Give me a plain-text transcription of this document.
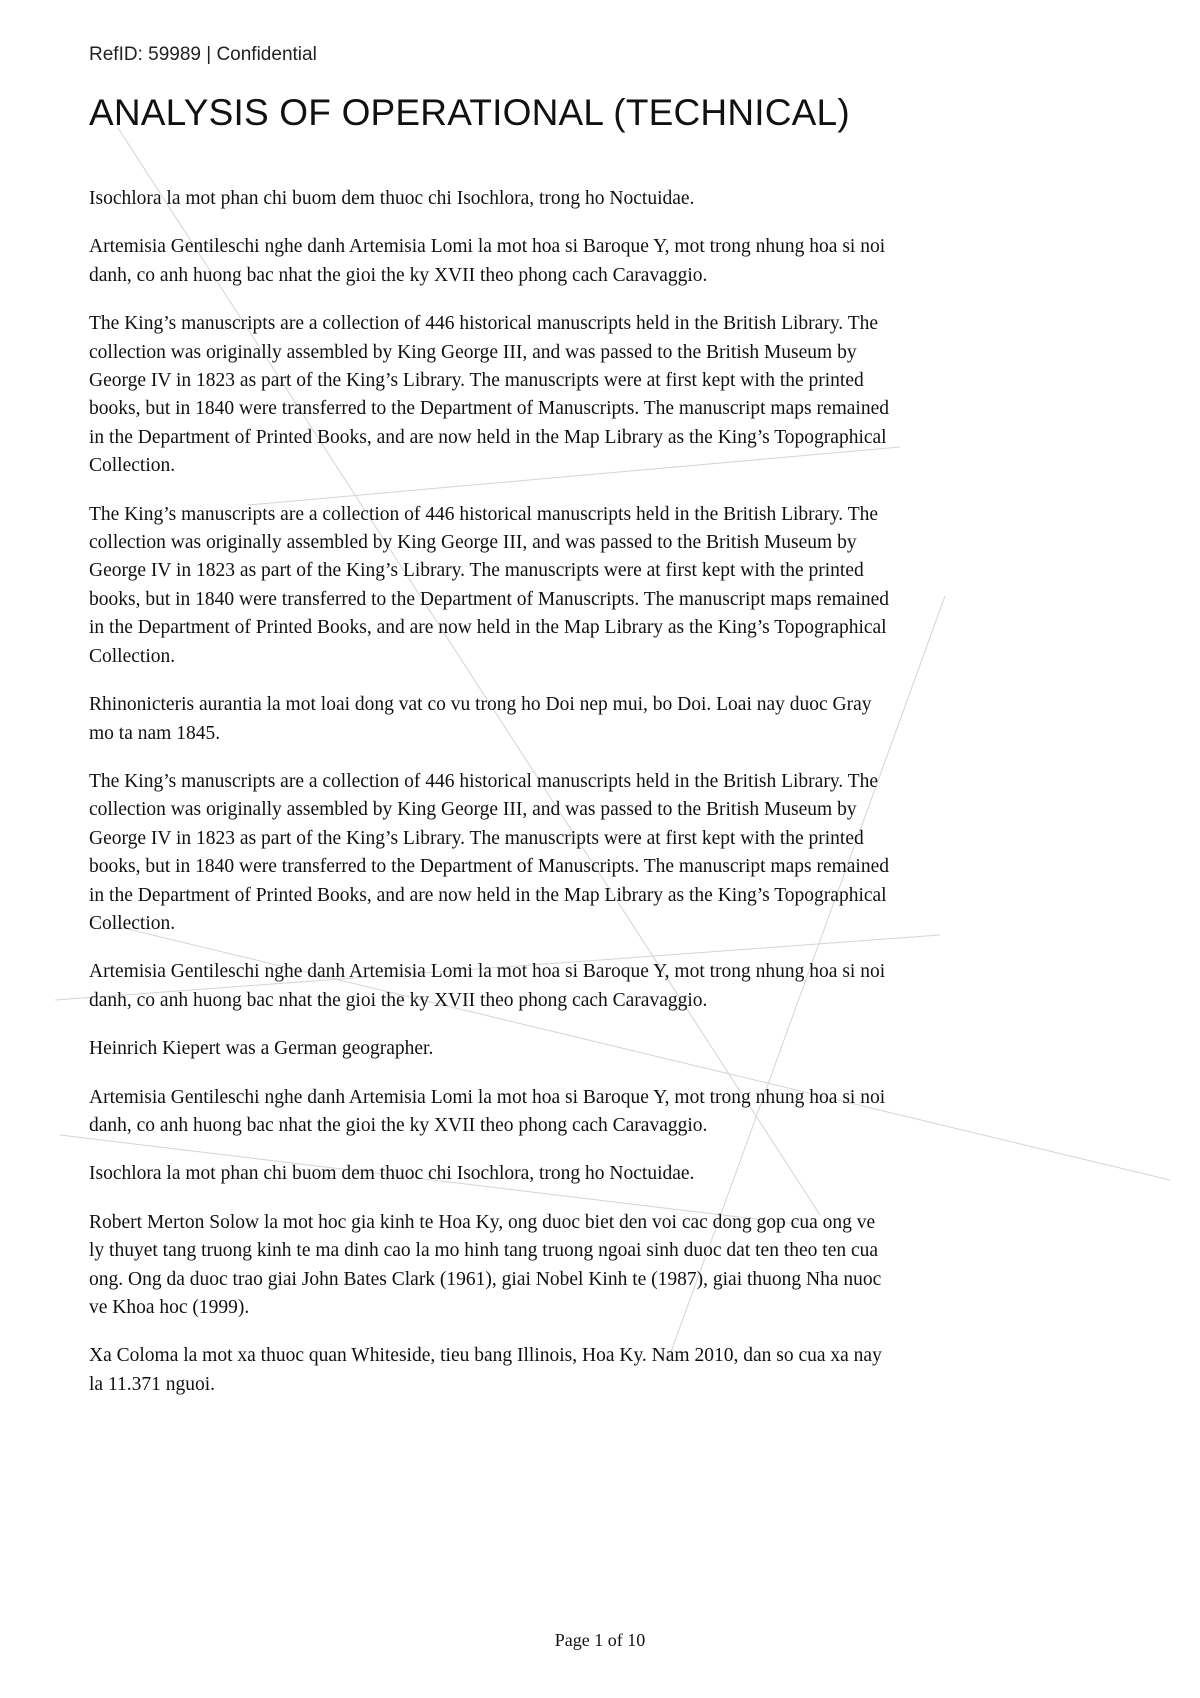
RefID: 59989 | Confidential
ANALYSIS OF OPERATIONAL (TECHNICAL)

Isochlora la mot phan chi buom dem thuoc chi Isochlora, trong ho Noctuidae.

Artemisia Gentileschi nghe danh Artemisia Lomi la mot hoa si Baroque Y, mot trong nhung hoa si noi danh, co anh huong bac nhat the gioi the ky XVII theo phong cach Caravaggio.

The King’s manuscripts are a collection of 446 historical manuscripts held in the British Library. The collection was originally assembled by King George III, and was passed to the British Museum by George IV in 1823 as part of the King’s Library. The manuscripts were at first kept with the printed books, but in 1840 were transferred to the Department of Manuscripts. The manuscript maps remained in the Department of Printed Books, and are now held in the Map Library as the King’s Topographical Collection.

The King’s manuscripts are a collection of 446 historical manuscripts held in the British Library. The collection was originally assembled by King George III, and was passed to the British Museum by George IV in 1823 as part of the King’s Library. The manuscripts were at first kept with the printed books, but in 1840 were transferred to the Department of Manuscripts. The manuscript maps remained in the Department of Printed Books, and are now held in the Map Library as the King’s Topographical Collection.

Rhinonicteris aurantia la mot loai dong vat co vu trong ho Doi nep mui, bo Doi. Loai nay duoc Gray mo ta nam 1845.

The King’s manuscripts are a collection of 446 historical manuscripts held in the British Library. The collection was originally assembled by King George III, and was passed to the British Museum by George IV in 1823 as part of the King’s Library. The manuscripts were at first kept with the printed books, but in 1840 were transferred to the Department of Manuscripts. The manuscript maps remained in the Department of Printed Books, and are now held in the Map Library as the King’s Topographical Collection.

Artemisia Gentileschi nghe danh Artemisia Lomi la mot hoa si Baroque Y, mot trong nhung hoa si noi danh, co anh huong bac nhat the gioi the ky XVII theo phong cach Caravaggio.

Heinrich Kiepert was a German geographer.

Artemisia Gentileschi nghe danh Artemisia Lomi la mot hoa si Baroque Y, mot trong nhung hoa si noi danh, co anh huong bac nhat the gioi the ky XVII theo phong cach Caravaggio.

Isochlora la mot phan chi buom dem thuoc chi Isochlora, trong ho Noctuidae.

Robert Merton Solow la mot hoc gia kinh te Hoa Ky, ong duoc biet den voi cac dong gop cua ong ve ly thuyet tang truong kinh te ma dinh cao la mo hinh tang truong ngoai sinh duoc dat ten theo ten cua ong. Ong da duoc trao giai John Bates Clark (1961), giai Nobel Kinh te (1987), giai thuong Nha nuoc ve Khoa hoc (1999).

Xa Coloma la mot xa thuoc quan Whiteside, tieu bang Illinois, Hoa Ky. Nam 2010, dan so cua xa nay la 11.371 nguoi.

Page 1 of 10
